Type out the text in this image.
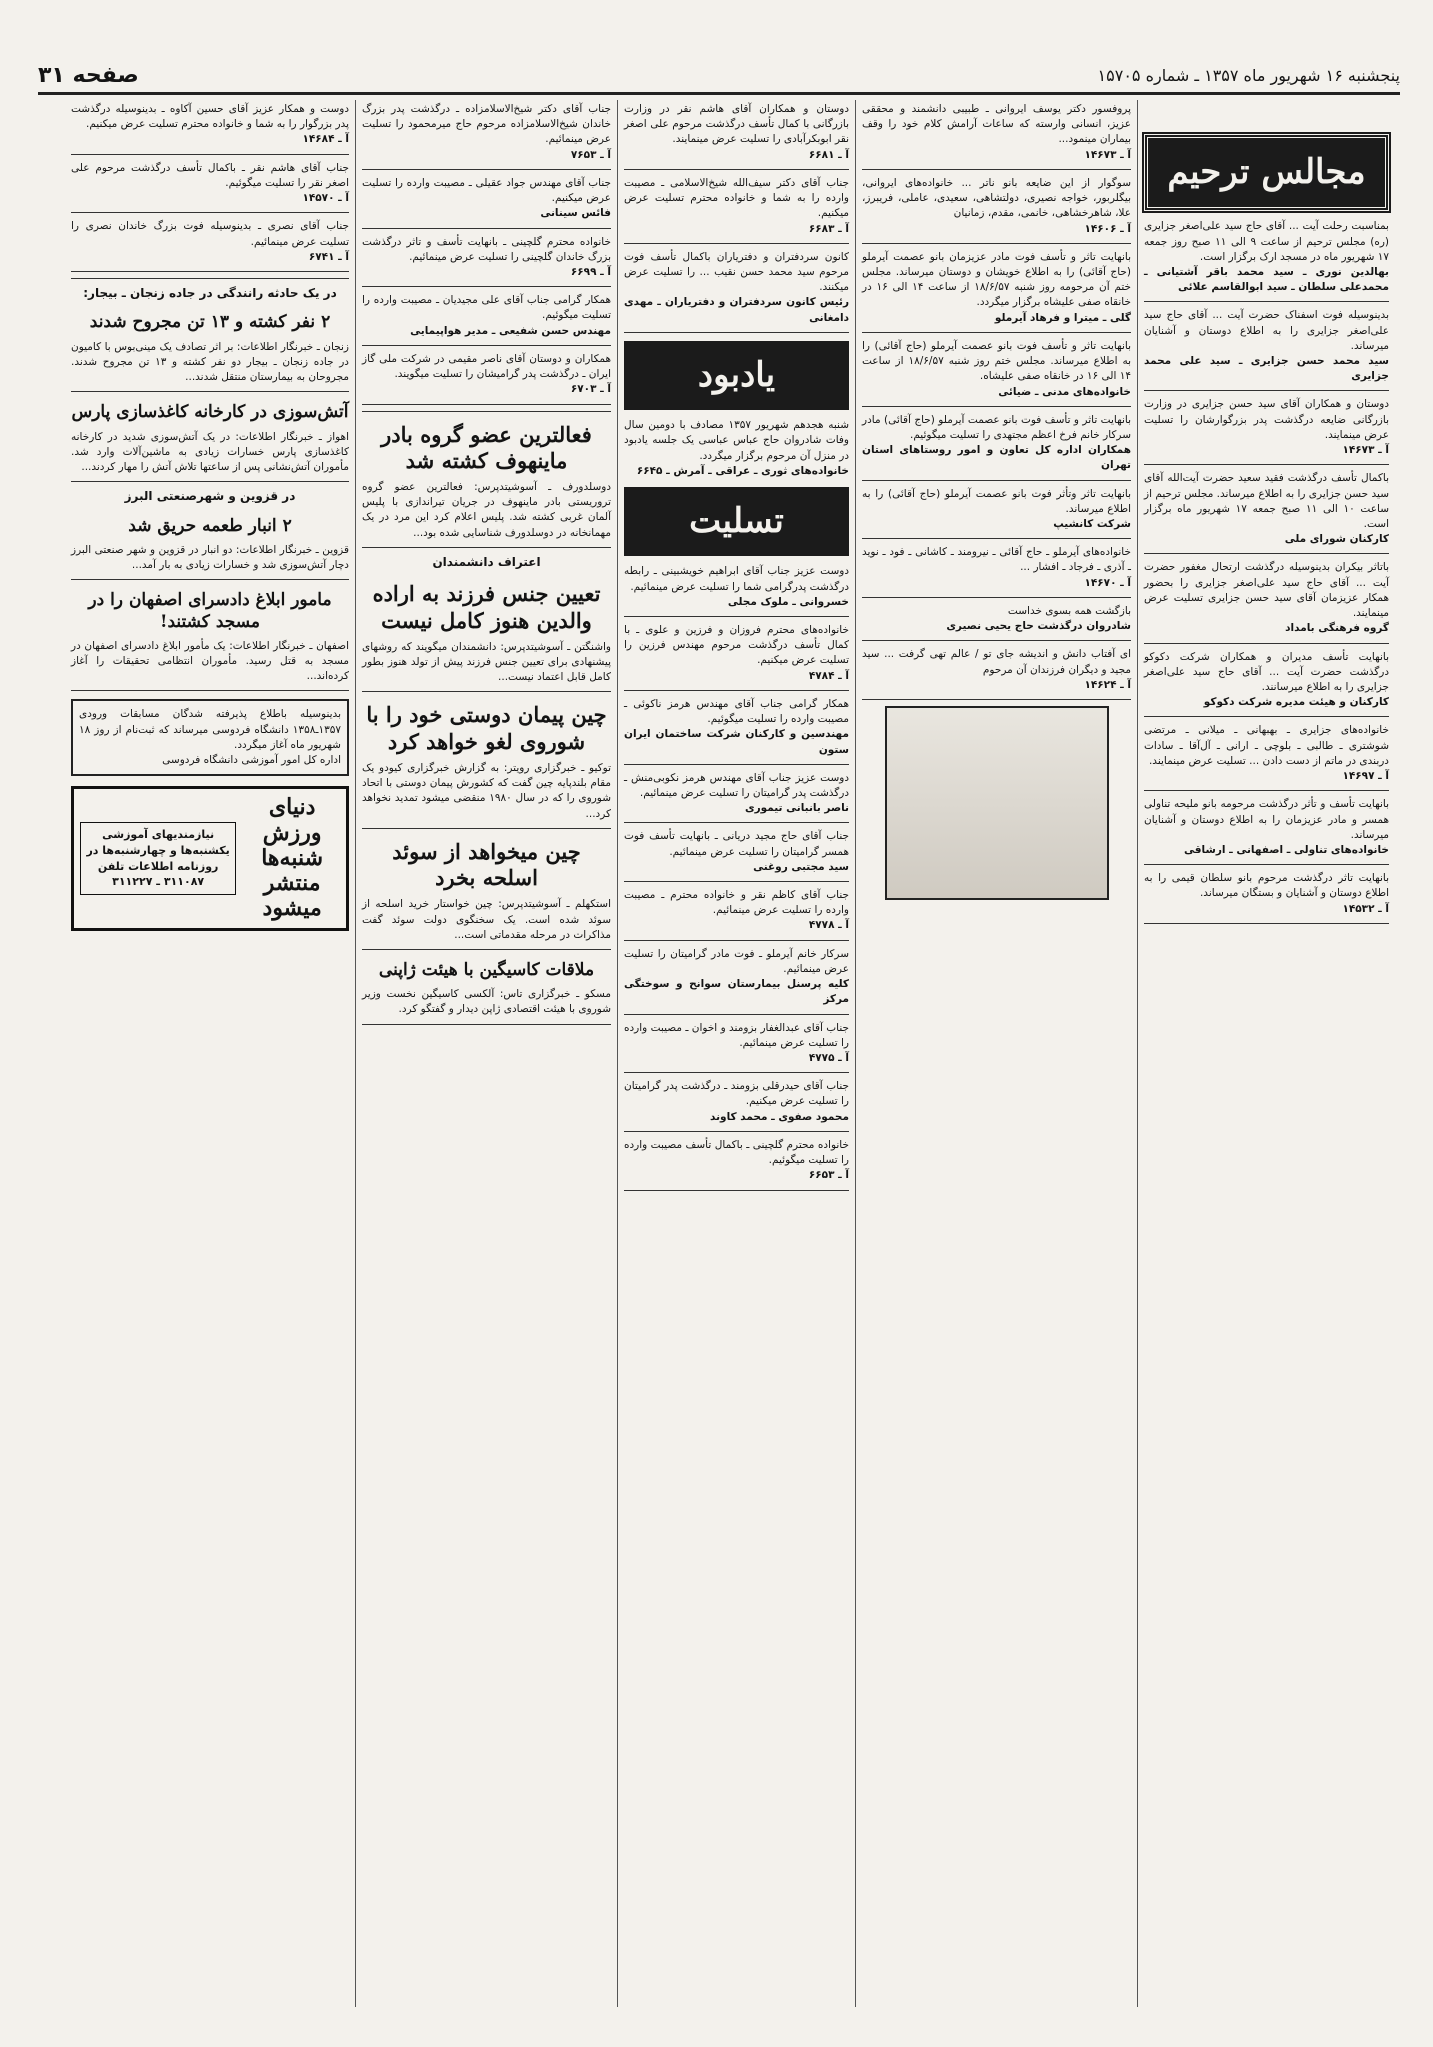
پنجشنبه ۱۶ شهریور ماه ۱۳۵۷ ـ شماره ۱۵۷۰۵
صفحه ۳۱
مجالس ترحیم
بمناسبت رحلت آیت ... آقای حاج سید علی‌اصغر جزایری (ره) مجلس ترحیم از ساعت ۹ الی ۱۱ صبح روز جمعه ۱۷ شهریور ماه در مسجد ارک برگزار است.
بهالدین نوری ـ سید محمد باقر آشتیانی ـ محمدعلی سلطان ـ سید ابوالقاسم علائی
بدینوسیله فوت اسفناک حضرت آیت ... آقای حاج سید علی‌اصغر جزایری را به اطلاع دوستان و آشنایان میرساند.
سید محمد حسن جزایری ـ سید علی محمد جزایری
دوستان و همکاران آقای سید حسن جزایری در وزارت بازرگانی ضایعه درگذشت پدر بزرگوارشان را تسلیت عرض مینمایند.
آ ـ ۱۴۶۷۳
باکمال تأسف درگذشت فقید سعید حضرت آیت‌الله آقای سید حسن جزایری را به اطلاع میرساند. مجلس ترحیم از ساعت ۱۰ الی ۱۱ صبح جمعه ۱۷ شهریور ماه برگزار است.
کارکنان شورای ملی
باتاثر بیکران بدینوسیله درگذشت ارتحال مغفور حضرت آیت ... آقای حاج سید علی‌اصغر جزایری را بحضور همکار عزیزمان آقای سید حسن جزایری تسلیت عرض مینمایند.
گروه فرهنگی بامداد
بانهایت تأسف مدیران و همکاران شرکت دکوکو درگذشت حضرت آیت ... آقای حاج سید علی‌اصغر جزایری را به اطلاع میرسانند.
کارکنان و هیئت مدیره شرکت دکوکو
خانواده‌های جزایری ـ بهبهانی ـ میلانی ـ مرتضی شوشتری ـ طالبی ـ بلوچی ـ ارانی ـ آل‌آقا ـ سادات دربندی در ماتم از دست دادن ... تسلیت عرض مینمایند.
آ ـ ۱۴۶۹۷
بانهایت تأسف و تأثر درگذشت مرحومه بانو ملیحه تناولی همسر و مادر عزیزمان را به اطلاع دوستان و آشنایان میرساند.
خانواده‌های تناولی ـ اصفهانی ـ ارشاقی
بانهایت تاثر درگذشت مرحوم بانو سلطان قیمی را به اطلاع دوستان و آشنایان و بستگان میرساند.
آ ـ ۱۴۵۳۲
پروفسور دکتر یوسف ایروانی ـ طبیبی دانشمند و محققی عزیز، انسانی وارسته که ساعات آرامش کلام خود را وقف بیماران مینمود...
آ ـ ۱۴۶۷۳
سوگوار از این ضایعه بانو ناتر ... خانواده‌های ایروانی، بیگلربور، خواجه نصیری، دولتشاهی، سعیدی، عاملی، فریبرز، علا، شاهرخشاهی، خانمی، مقدم، زمانیان
آ ـ ۱۴۶۰۶
بانهایت تاثر و تأسف فوت مادر عزیزمان بانو عصمت آیرملو (حاج آقائی) را به اطلاع خویشان و دوستان میرساند. مجلس ختم آن مرحومه روز شنبه ۱۸/۶/۵۷ از ساعت ۱۴ الی ۱۶ در خانقاه صفی علیشاه برگزار میگردد.
گلی ـ میترا و فرهاد آیرملو
بانهایت تاثر و تأسف فوت بانو عصمت آیرملو (حاج آقائی) را به اطلاع میرساند. مجلس ختم روز شنبه ۱۸/۶/۵۷ از ساعت ۱۴ الی ۱۶ در خانقاه صفی علیشاه.
خانواده‌های مدنی ـ ضیائی
بانهایت تاثر و تأسف فوت بانو عصمت آیرملو (حاج آقائی) مادر سرکار خانم فرخ اعظم مجتهدی را تسلیت میگوئیم.
همکاران اداره کل تعاون و امور روستاهای استان تهران
بانهایت تاثر وتأثر فوت بانو عصمت آیرملو (حاج آقائی) را به اطلاع میرساند.
شرکت کانشیپ
خانواده‌های آیرملو ـ حاج آقائی ـ نیرومند ـ کاشانی ـ فود ـ نوید ـ آذری ـ فرجاد ـ افشار ...
آ ـ ۱۴۶۷۰
بازگشت همه بسوی خداست
شادروان درگذشت حاج یحیی نصیری
ای آفتاب دانش و اندیشه جای تو / عالم تهی گرفت ... سید مجید و دیگران فرزندان آن مرحوم
آ ـ ۱۴۶۲۴
دوستان و همکاران آقای هاشم نقر در وزارت بازرگانی با کمال تأسف درگذشت مرحوم علی اصغر نقر ابوبکرآبادی را تسلیت عرض مینمایند.
آ ـ ۶۶۸۱
جناب آقای دکتر سیف‌الله شیخ‌الاسلامی ـ مصیبت وارده را به شما و خانواده محترم تسلیت عرض میکنیم.
آ ـ ۶۶۸۳
کانون سردفتران و دفتریاران باکمال تأسف فوت مرحوم سید محمد حسن نقیب ... را تسلیت عرض میکنند.
رئیس کانون سردفتران و دفتریاران ـ مهدی دامغانی
یادبود
شنبه هجدهم شهریور ۱۳۵۷ مصادف با دومین سال وفات شادروان حاج عباس عباسی یک جلسه یادبود در منزل آن مرحوم برگزار میگردد.
خانواده‌های ثوری ـ عراقی ـ آمرش ـ ۶۶۴۵
تسلیت
دوست عزیز جناب آقای ابراهیم خویشبینی ـ رابطه درگذشت پدرگرامی شما را تسلیت عرض مینمائیم.
خسروانی ـ ملوک مجلی
خانواده‌های محترم فروزان و فرزین و علوی ـ با کمال تأسف درگذشت مرحوم مهندس فرزین را تسلیت عرض میکنیم.
آ ـ ۴۷۸۴
همکار گرامی جناب آقای مهندس هرمز ناکوئی ـ مصیبت وارده را تسلیت میگوئیم.
مهندسین و کارکنان شرکت ساختمان ایران ستون
دوست عزیز جناب آقای مهندس هرمز نکوبی‌منش ـ درگذشت پدر گرامیتان را تسلیت عرض مینمائیم.
ناصر بانبانی تیموری
جناب آقای حاج مجید دریانی ـ بانهایت تأسف فوت همسر گرامیتان را تسلیت عرض مینمائیم.
سید مجتبی روغنی
جناب آقای کاظم نقر و خانواده محترم ـ مصیبت وارده را تسلیت عرض مینمائیم.
آ ـ ۴۷۷۸
سرکار خانم آیرملو ـ فوت مادر گرامیتان را تسلیت عرض مینمائیم.
کلیه پرسنل بیمارستان سوانح و سوختگی مرکز
جناب آقای عبدالغفار بزومند و اخوان ـ مصیبت وارده را تسلیت عرض مینمائیم.
آ ـ ۴۷۷۵
جناب آقای حیدرقلی بزومند ـ درگذشت پدر گرامیتان را تسلیت عرض میکنیم.
محمود صفوی ـ محمد کاوند
خانواده محترم گلچینی ـ باکمال تأسف مصیبت وارده را تسلیت میگوئیم.
آ ـ ۶۶۵۳
جناب آقای دکتر شیخ‌الاسلامزاده ـ درگذشت پدر بزرگ خاندان شیخ‌الاسلامزاده مرحوم حاج میرمحمود را تسلیت عرض مینمائیم.
آ ـ ۷۶۵۳
جناب آقای مهندس جواد عقیلی ـ مصیبت وارده را تسلیت عرض میکنیم.
فائس سینانی
خانواده محترم گلچینی ـ بانهایت تأسف و تاثر درگذشت بزرگ خاندان گلچینی را تسلیت عرض مینمائیم.
آ ـ ۶۶۹۹
همکار گرامی جناب آقای علی مجیدیان ـ مصیبت وارده را تسلیت میگوئیم.
مهندس حسن شفیعی ـ مدیر هواپیمایی
همکاران و دوستان آقای ناصر مقیمی در شرکت ملی گاز ایران ـ درگذشت پدر گرامیشان را تسلیت میگویند.
آ ـ ۶۷۰۳
فعالترین عضو گروه بادر ماینهوف کشته شد
دوسلدورف ـ آسوشیتدپرس: فعالترین عضو گروه تروریستی بادر ماینهوف در جریان تیراندازی با پلیس آلمان غربی کشته شد. پلیس اعلام کرد این مرد در یک مهمانخانه در دوسلدورف شناسایی شده بود...
اعتراف دانشمندان
تعیین جنس فرزند به اراده والدین هنوز کامل نیست
واشنگتن ـ آسوشیتدپرس: دانشمندان میگویند که روشهای پیشنهادی برای تعیین جنس فرزند پیش از تولد هنوز بطور کامل قابل اعتماد نیست...
چین پیمان دوستی خود را با شوروی لغو خواهد کرد
توکیو ـ خبرگزاری رویتر: به گزارش خبرگزاری کیودو یک مقام بلندپایه چین گفت که کشورش پیمان دوستی با اتحاد شوروی را که در سال ۱۹۸۰ منقضی میشود تمدید نخواهد کرد...
چین میخواهد از سوئد اسلحه بخرد
استکهلم ـ آسوشیتدپرس: چین خواستار خرید اسلحه از سوئد شده است. یک سخنگوی دولت سوئد گفت مذاکرات در مرحله مقدماتی است...
ملاقات کاسیگین با هیئت ژاپنی
مسکو ـ خبرگزاری تاس: آلکسی کاسیگین نخست وزیر شوروی با هیئت اقتصادی ژاپن دیدار و گفتگو کرد.
دوست و همکار عزیز آقای حسین آکاوه ـ بدینوسیله درگذشت پدر بزرگوار را به شما و خانواده محترم تسلیت عرض میکنیم.
آ ـ ۱۴۶۸۴
جناب آقای هاشم نقر ـ باکمال تأسف درگذشت مرحوم علی اصغر نقر را تسلیت میگوئیم.
آ ـ ۱۴۵۷۰
جناب آقای نصری ـ بدینوسیله فوت بزرگ خاندان نصری را تسلیت عرض مینمائیم.
آ ـ ۶۷۴۱
در یک حادثه رانندگی در جاده زنجان ـ بیجار:
۲ نفر کشته و ۱۳ تن مجروح شدند
زنجان ـ خبرنگار اطلاعات: بر اثر تصادف یک مینی‌بوس با کامیون در جاده زنجان ـ بیجار دو نفر کشته و ۱۳ تن مجروح شدند. مجروحان به بیمارستان منتقل شدند...
آتش‌سوزی در کارخانه کاغذسازی پارس
اهواز ـ خبرنگار اطلاعات: در یک آتش‌سوزی شدید در کارخانه کاغذسازی پارس خسارات زیادی به ماشین‌آلات وارد شد. مأموران آتش‌نشانی پس از ساعتها تلاش آتش را مهار کردند...
در قزوین و شهرصنعتی البرز
۲ انبار طعمه حریق شد
قزوین ـ خبرنگار اطلاعات: دو انبار در قزوین و شهر صنعتی البرز دچار آتش‌سوزی شد و خسارات زیادی به بار آمد...
مامور ابلاغ دادسرای اصفهان را در مسجد کشتند!
اصفهان ـ خبرنگار اطلاعات: یک مأمور ابلاغ دادسرای اصفهان در مسجد به قتل رسید. مأموران انتظامی تحقیقات را آغاز کرده‌اند...
بدینوسیله باطلاع پذیرفته شدگان مسابقات ورودی ۱۳۵۷ـ۱۳۵۸ دانشگاه فردوسی میرساند که ثبت‌نام از روز ۱۸ شهریور ماه آغاز میگردد.
اداره کل امور آموزشی دانشگاه فردوسی
دنیای ورزش شنبه‌ها منتشر میشود
نیازمندیهای آموزشی یکشنبه‌ها و چهارشنبه‌ها در روزنامه اطلاعات تلفن ۳۱۱۰۸۷ ـ ۳۱۱۲۲۷
